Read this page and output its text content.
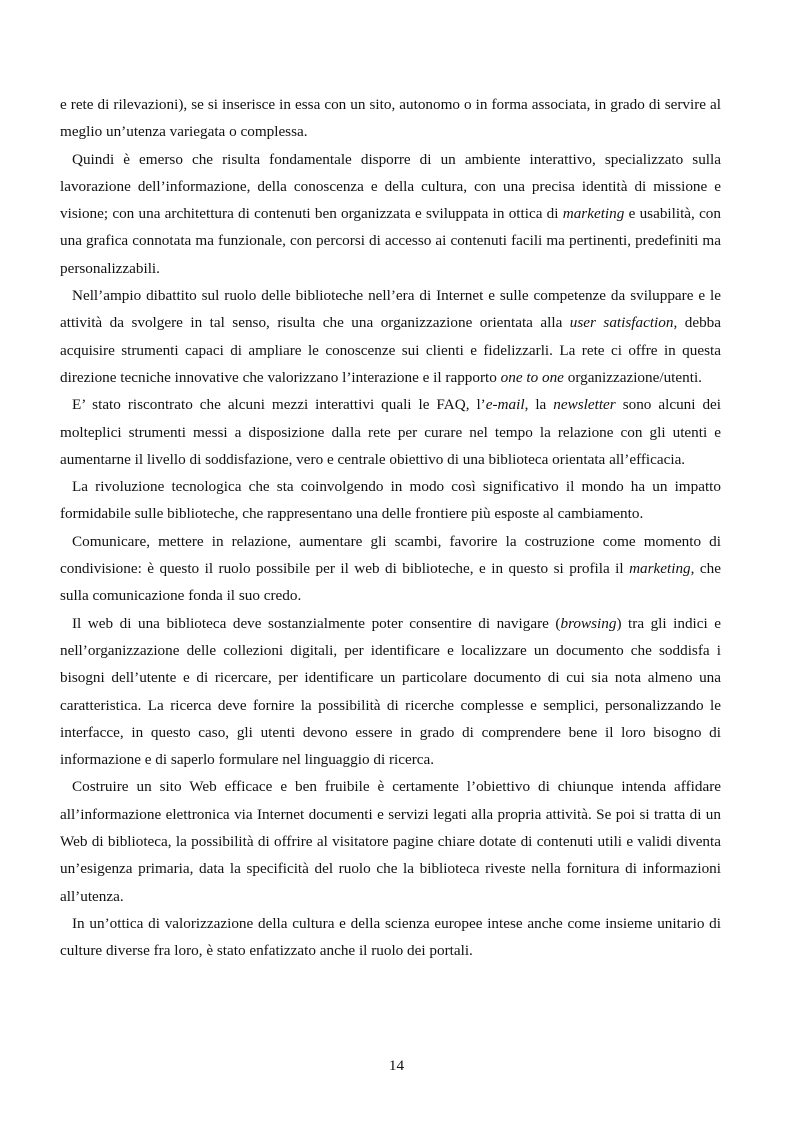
e rete di rilevazioni), se si inserisce in essa con un sito, autonomo o in forma associata, in grado di servire al meglio un’utenza variegata o complessa.

Quindi è emerso che risulta fondamentale disporre di un ambiente interattivo, specializzato sulla lavorazione dell’informazione, della conoscenza e della cultura, con una precisa identità di missione e visione; con una architettura di contenuti ben organizzata e sviluppata in ottica di marketing e usabilità, con una grafica connotata ma funzionale, con percorsi di accesso ai contenuti facili ma pertinenti, predefiniti ma personalizzabili.

Nell’ampio dibattito sul ruolo delle biblioteche nell’era di Internet e sulle competenze da sviluppare e le attività da svolgere in tal senso, risulta che una organizzazione orientata alla user satisfaction, debba acquisire strumenti capaci di ampliare le conoscenze sui clienti e fidelizzarli. La rete ci offre in questa direzione tecniche innovative che valorizzano l’interazione e il rapporto one to one organizzazione/utenti.

E’ stato riscontrato che alcuni mezzi interattivi quali le FAQ, l’e-mail, la newsletter sono alcuni dei molteplici strumenti messi a disposizione dalla rete per curare nel tempo la relazione con gli utenti e aumentarne il livello di soddisfazione, vero e centrale obiettivo di una biblioteca orientata all’efficacia.

La rivoluzione tecnologica che sta coinvolgendo in modo così significativo il mondo ha un impatto formidabile sulle biblioteche, che rappresentano una delle frontiere più esposte al cambiamento.

Comunicare, mettere in relazione, aumentare gli scambi, favorire la costruzione come momento di condivisione: è questo il ruolo possibile per il web di biblioteche, e in questo si profila il marketing, che sulla comunicazione fonda il suo credo.

Il web di una biblioteca deve sostanzialmente poter consentire di navigare (browsing) tra gli indici e nell’organizzazione delle collezioni digitali, per identificare e localizzare un documento che soddisfa i bisogni dell’utente e di ricercare, per identificare un particolare documento di cui sia nota almeno una caratteristica. La ricerca deve fornire la possibilità di ricerche complesse e semplici, personalizzando le interfacce, in questo caso, gli utenti devono essere in grado di comprendere bene il loro bisogno di informazione e di saperlo formulare nel linguaggio di ricerca.

Costruire un sito Web efficace e ben fruibile è certamente l’obiettivo di chiunque intenda affidare all’informazione elettronica via Internet documenti e servizi legati alla propria attività. Se poi si tratta di un Web di biblioteca, la possibilità di offrire al visitatore pagine chiare dotate di contenuti utili e validi diventa un’esigenza primaria, data la specificità del ruolo che la biblioteca riveste nella fornitura di informazioni all’utenza.

In un’ottica di valorizzazione della cultura e della scienza europee intese anche come insieme unitario di culture diverse fra loro, è stato enfatizzato anche il ruolo dei portali.

14
